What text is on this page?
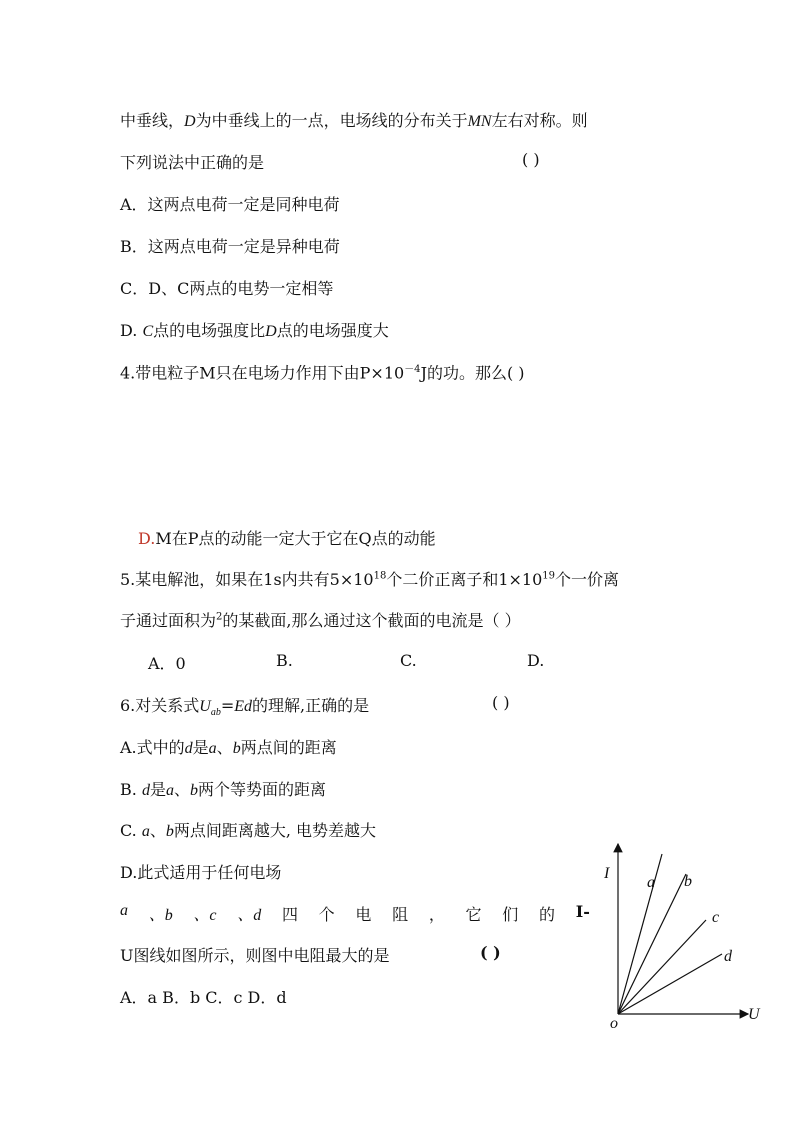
中垂线，D为中垂线上的一点，电场线的分布关于MN左右对称。则
下列说法中正确的是	( )
A．这两点电荷一定是同种电荷
B．这两点电荷一定是异种电荷
C．D、C两点的电势一定相等
D. C点的电场强度比D点的电场强度大
4.带电粒子M只在电场力作用下由$P\times 10^{-4}J$的功。那么( )
D.M在P点的动能一定大于它在Q点的动能
5.某电解池，如果在1s内共有$5\times 10^{18}$个二价正离子和$1\times 10^{19}$个一价离
子通过面积为$^2$的某截面,那么通过这个截面的电流是（ ）
A．0	B.	C.	D.
6.对关系式$U_{ab}=Ed$的理解,正确的是	( )
A.式中的d是a、b两点间的距离
B. d是a、b两个等势面的距离
C. a、b两点间距离越大, 电势差越大
D.此式适用于任何电场
a 、b 、c 、d 四 个 电 阻 ， 它 们 的 I-
U图线如图所示，则图中电阻最大的是	( )
A．a B．b C．c D．d
I
U
o
a b
c
d
